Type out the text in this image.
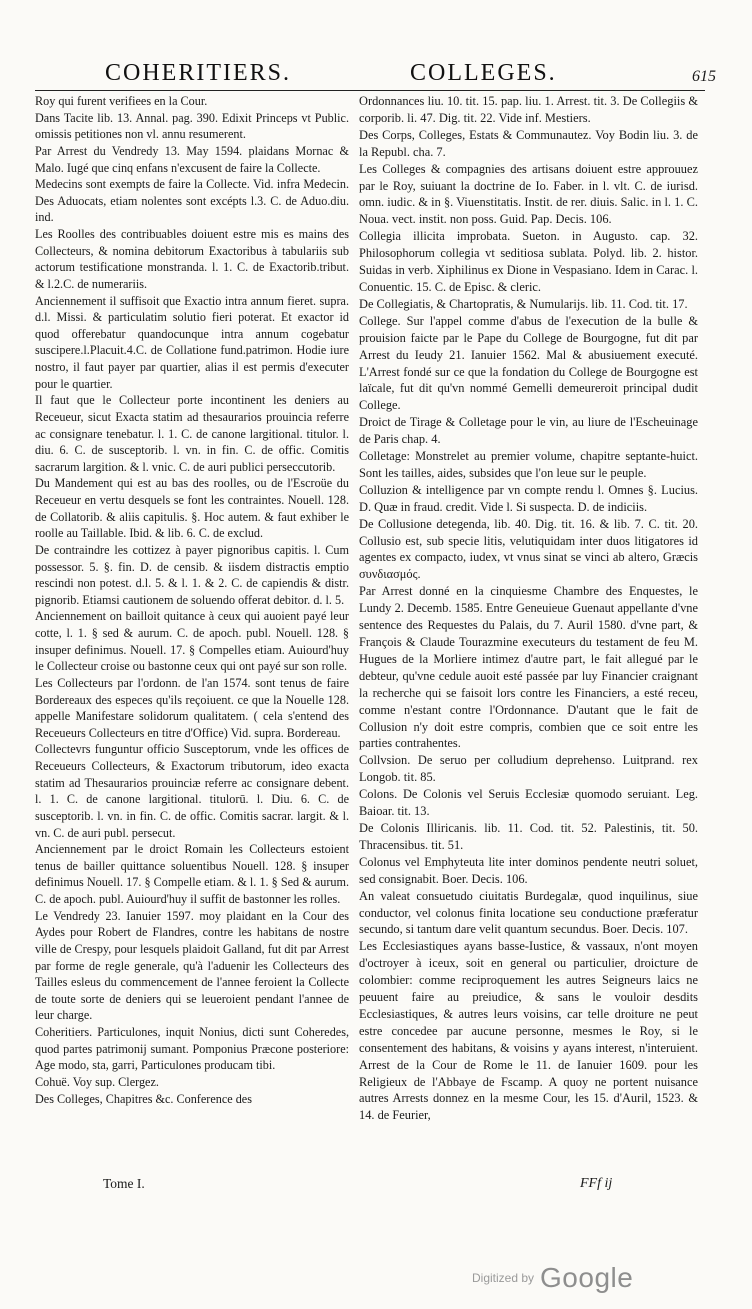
COHERITIERS.	COLLEGES.	615

Roy qui furent verifiees en la Cour.

Dans Tacite lib. 13. Annal. pag. 390. Edixit Princeps vt Public. omissis petitiones non vl. annu resumerent.

Par Arrest du Vendredy 13. May 1594. plaidans Mornac & Malo. Iugé que cinq enfans n'excusent de faire la Collecte.

Medecins sont exempts de faire la Collecte. Vid. infra Medecin. Des Aduocats, etiam nolentes sont excépts l.3. C. de Aduo.diu. ind.

Les Roolles des contribuables doiuent estre mis es mains des Collecteurs, & nomina debitorum Exactoribus à tabulariis sub actorum testificatione monstranda. l. 1. C. de Exactorib.tribut. & l.2.C. de numerariis.

Anciennement il suffisoit que Exactio intra annum fieret. supra. d.l. Missi. & particulatim solutio fieri poterat. Et exactor id quod offerebatur quandocunque intra annum cogebatur suscipere.l.Placuit.4.C. de Collatione fund.patrimon. Hodie iure nostro, il faut payer par quartier, alias il est permis d'executer pour le quartier.

Il faut que le Collecteur porte incontinent les deniers au Receueur, sicut Exacta statim ad thesaurarios prouincia referre ac consignare tenebatur. l. 1. C. de canone largitional. titulor. l. diu. 6. C. de susceptorib. l. vn. in fin. C. de offic. Comitis sacrarum largition. & l. vnic. C. de auri publici perseccutorib.

Du Mandement qui est au bas des roolles, ou de l'Escroüe du Receueur en vertu desquels se font les contraintes. Nouell. 128. de Collatorib. & aliis capitulis. §. Hoc autem. & faut exhiber le roolle au Taillable. Ibid. & lib. 6. C. de exclud.

De contraindre les cottizez à payer pignoribus capitis. l. Cum possessor. 5. §. fin. D. de censib. & iisdem distractis emptio rescindi non potest. d.l. 5. & l. 1. & 2. C. de capiendis & distr. pignorib. Etiamsi cautionem de soluendo offerat debitor. d. l. 5.

Anciennement on bailloit quitance à ceux qui auoient payé leur cotte, l. 1. § sed & aurum. C. de apoch. publ. Nouell. 128. § insuper definimus. Nouell. 17. § Compelles etiam. Auiourd'huy le Collecteur croise ou bastonne ceux qui ont payé sur son rolle.

Les Collecteurs par l'ordonn. de l'an 1574. sont tenus de faire Bordereaux des especes qu'ils reçoiuent. ce que la Nouelle 128. appelle Manifestare solidorum qualitatem. ( cela s'entend des Receueurs Collecteurs en titre d'Office) Vid. supra. Bordereau.

Collectevrs funguntur officio Susceptorum, vnde les offices de Receueurs Collecteurs, & Exactorum tributorum, ideo exacta statim ad Thesaurarios prouinciæ referre ac consignare debent. l. 1. C. de canone largitional. titulorū. l. Diu. 6. C. de susceptorib. l. vn. in fin. C. de offic. Comitis sacrar. largit. & l. vn. C. de auri publ. persecut.

Anciennement par le droict Romain les Collecteurs estoient tenus de bailler quittance soluentibus Nouell. 128. § insuper definimus Nouell. 17. § Compelle etiam. & l. 1. § Sed & aurum. C. de apoch. publ. Auiourd'huy il suffit de bastonner les rolles.

Le Vendredy 23. Ianuier 1597. moy plaidant en la Cour des Aydes pour Robert de Flandres, contre les habitans de nostre ville de Crespy, pour lesquels plaidoit Galland, fut dit par Arrest par forme de regle generale, qu'à l'aduenir les Collecteurs des Tailles esleus du commencement de l'annee feroient la Collecte de toute sorte de deniers qui se leueroient pendant l'annee de leur charge.

Coheritiers. Particulones, inquit Nonius, dicti sunt Coheredes, quod partes patrimonij sumant. Pomponius Præcone posteriore: Age modo, sta, garri, Particulones producam tibi.

Cohuë. Voy sup. Clergez.

Des Colleges, Chapitres &c. Conference des

Ordonnances liu. 10. tit. 15. pap. liu. 1. Arrest. tit. 3. De Collegiis & corporib. li. 47. Dig. tit. 22. Vide inf. Mestiers.

Des Corps, Colleges, Estats & Communautez. Voy Bodin liu. 3. de la Republ. cha. 7.

Les Colleges & compagnies des artisans doiuent estre approuuez par le Roy, suiuant la doctrine de Io. Faber. in l. vlt. C. de iurisd. omn. iudic. & in §. Viuenstitatis. Instit. de rer. diuis. Salic. in l. 1. C. Noua. vect. instit. non poss. Guid. Pap. Decis. 106.

Collegia illicita improbata. Sueton. in Augusto. cap. 32. Philosophorum collegia vt seditiosa sublata. Polyd. lib. 2. histor. Suidas in verb. Xiphilinus ex Dione in Vespasiano. Idem in Carac. l. Conuentic. 15. C. de Episc. & cleric.

De Collegiatis, & Chartopratis, & Numularijs. lib. 11. Cod. tit. 17.

College. Sur l'appel comme d'abus de l'execution de la bulle & prouision faicte par le Pape du College de Bourgogne, fut dit par Arrest du Ieudy 21. Ianuier 1562. Mal & abusiuement executé. L'Arrest fondé sur ce que la fondation du College de Bourgogne est laïcale, fut dit qu'vn nommé Gemelli demeureroit principal dudit College.

Droict de Tirage & Colletage pour le vin, au liure de l'Escheuinage de Paris chap. 4.

Colletage: Monstrelet au premier volume, chapitre septante-huict. Sont les tailles, aides, subsides que l'on leue sur le peuple.

Colluzion & intelligence par vn compte rendu l. Omnes §. Lucius. D. Quæ in fraud. credit. Vide l. Si suspecta. D. de indiciis.

De Collusione detegenda, lib. 40. Dig. tit. 16. & lib. 7. C. tit. 20. Collusio est, sub specie litis, velutiquidam inter duos litigatores id agentes ex compacto, iudex, vt vnus sinat se vinci ab altero, Græcis συνδιασμός.

Par Arrest donné en la cinquiesme Chambre des Enquestes, le Lundy 2. Decemb. 1585. Entre Geneuieue Guenaut appellante d'vne sentence des Requestes du Palais, du 7. Auril 1580. d'vne part, & François & Claude Tourazmine executeurs du testament de feu M. Hugues de la Morliere intimez d'autre part, le fait allegué par le debteur, qu'vne cedule auoit esté passée par luy Financier craignant la recherche qui se faisoit lors contre les Financiers, a esté receu, comme n'estant contre l'Ordonnance. D'autant que le fait de Collusion n'y doit estre compris, combien que ce soit entre les parties contrahentes.

Collvsion. De seruo per colludium deprehenso. Luitprand. rex Longob. tit. 85.

Colons. De Colonis vel Seruis Ecclesiæ quomodo seruiant. Leg. Baioar. tit. 13.

De Colonis Illiricanis. lib. 11. Cod. tit. 52. Palestinis, tit. 50. Thracensibus. tit. 51.

Colonus vel Emphyteuta lite inter dominos pendente neutri soluet, sed consignabit. Boer. Decis. 106.

An valeat consuetudo ciuitatis Burdegalæ, quod inquilinus, siue conductor, vel colonus finita locatione seu conductione præferatur secundo, si tantum dare velit quantum secundus. Boer. Decis. 107.

Les Ecclesiastiques ayans basse-Iustice, & vassaux, n'ont moyen d'octroyer à iceux, soit en general ou particulier, droicture de colombier: comme reciproquement les autres Seigneurs laics ne peuuent faire au preiudice, & sans le vouloir desdits Ecclesiastiques, & autres leurs voisins, car telle droiture ne peut estre concedee par aucune personne, mesmes le Roy, si le consentement des habitans, & voisins y ayans interest, n'interuient. Arrest de la Cour de Rome le 11. de Ianuier 1609. pour les Religieux de l'Abbaye de Fscamp. A quoy ne portent nuisance autres Arrests donnez en la mesme Cour, les 15. d'Auril, 1523. & 14. de Feurier,

Tome I.	FFf ij
Digitized by Google
